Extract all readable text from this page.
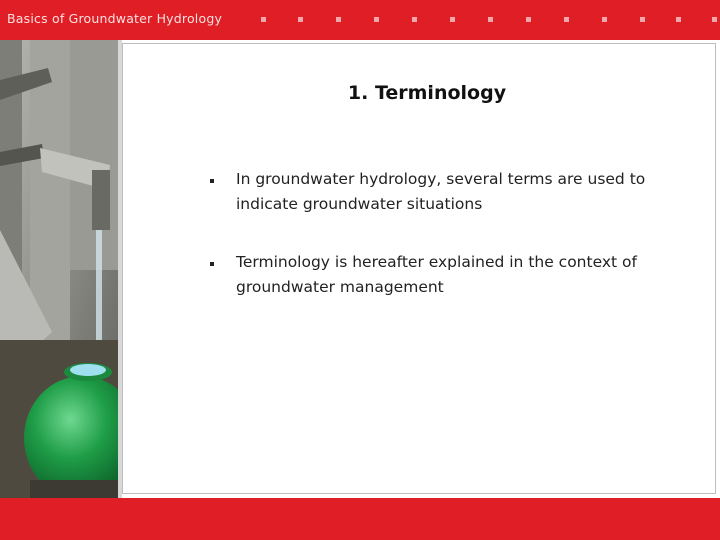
Basics of Groundwater Hydrology
1. Terminology
In groundwater hydrology, several terms are used to indicate groundwater situations
Terminology is hereafter explained in the context of groundwater management
